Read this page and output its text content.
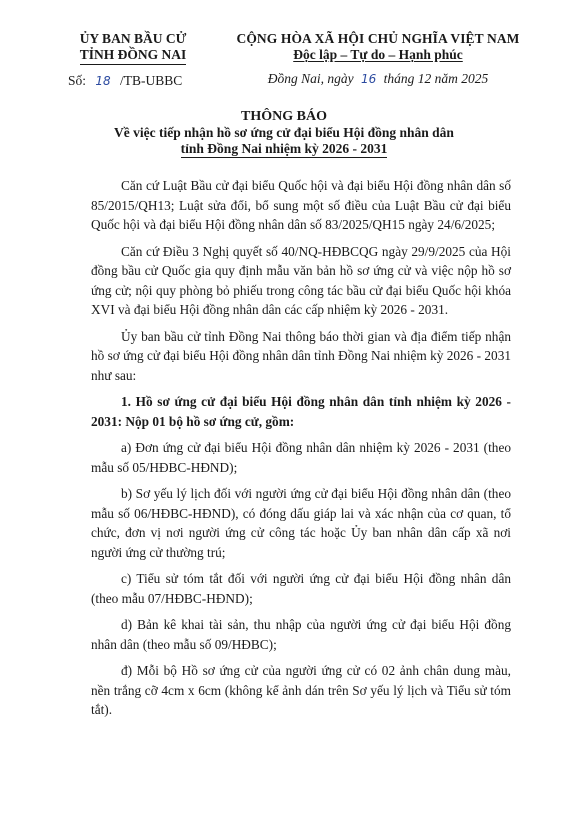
ỦY BAN BẦU CỬ
TỈNH ĐỒNG NAI
Số: 18 /TB-UBBC
CỘNG HÒA XÃ HỘI CHỦ NGHĨA VIỆT NAM
Độc lập – Tự do – Hạnh phúc
Đồng Nai, ngày 16 tháng 12 năm 2025
THÔNG BÁO
Về việc tiếp nhận hồ sơ ứng cử đại biểu Hội đồng nhân dân
tỉnh Đồng Nai nhiệm kỳ 2026 - 2031

Căn cứ Luật Bầu cử đại biểu Quốc hội và đại biểu Hội đồng nhân dân số 85/2015/QH13; Luật sửa đổi, bổ sung một số điều của Luật Bầu cử đại biểu Quốc hội và đại biểu Hội đồng nhân dân số 83/2025/QH15 ngày 24/6/2025;

Căn cứ Điều 3 Nghị quyết số 40/NQ-HĐBCQG ngày 29/9/2025 của Hội đồng bầu cử Quốc gia quy định mẫu văn bản hồ sơ ứng cử và việc nộp hồ sơ ứng cử; nội quy phòng bỏ phiếu trong công tác bầu cử đại biểu Quốc hội khóa XVI và đại biểu Hội đồng nhân dân các cấp nhiệm kỳ 2026 - 2031.

Ủy ban bầu cử tỉnh Đồng Nai thông báo thời gian và địa điểm tiếp nhận hồ sơ ứng cử đại biểu Hội đồng nhân dân tỉnh Đồng Nai nhiệm kỳ 2026 - 2031 như sau:

1. Hồ sơ ứng cử đại biểu Hội đồng nhân dân tỉnh nhiệm kỳ 2026 - 2031: Nộp 01 bộ hồ sơ ứng cử, gồm:

a) Đơn ứng cử đại biểu Hội đồng nhân dân nhiệm kỳ 2026 - 2031 (theo mẫu số 05/HĐBC-HĐND);

b) Sơ yếu lý lịch đối với người ứng cử đại biểu Hội đồng nhân dân (theo mẫu số 06/HĐBC-HĐND), có đóng dấu giáp lai và xác nhận của cơ quan, tổ chức, đơn vị nơi người ứng cử công tác hoặc Ủy ban nhân dân cấp xã nơi người ứng cử thường trú;

c) Tiểu sử tóm tắt đối với người ứng cử đại biểu Hội đồng nhân dân (theo mẫu 07/HĐBC-HĐND);

d) Bản kê khai tài sản, thu nhập của người ứng cử đại biểu Hội đồng nhân dân (theo mẫu số 09/HĐBC);

đ) Mỗi bộ Hồ sơ ứng cử của người ứng cử có 02 ảnh chân dung màu, nền trắng cỡ 4cm x 6cm (không kể ảnh dán trên Sơ yếu lý lịch và Tiểu sử tóm tắt).
